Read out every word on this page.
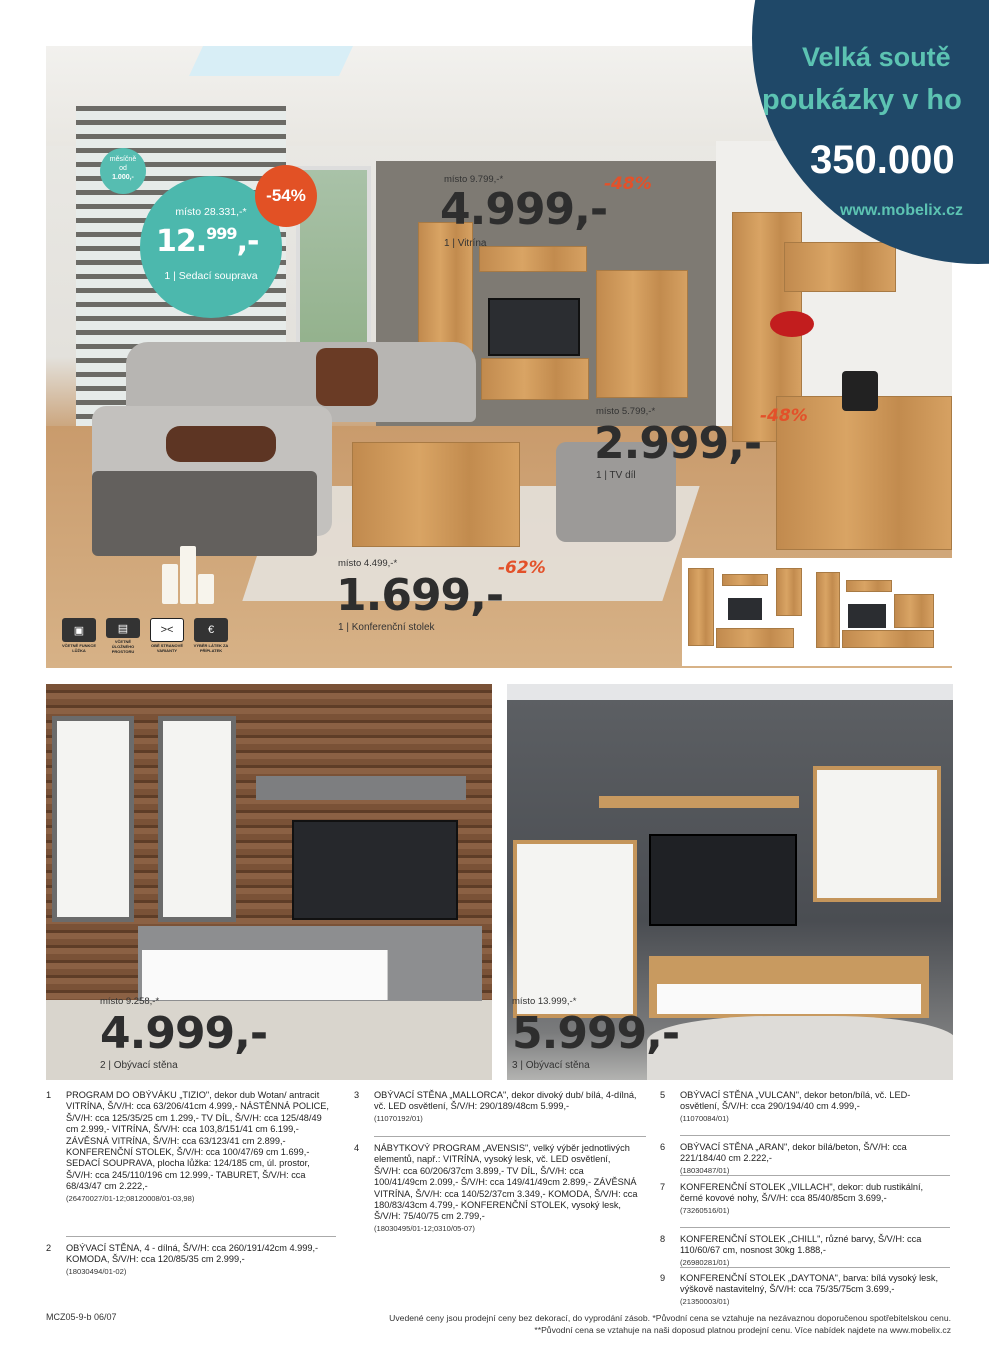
▣
VČETNĚ FUNKCE LŮŽKA
▤
VČETNĚ ÚLOŽNÉHO PROSTORU
><
OBĚ STRANOVÉ VARIANTY
€
VÝBĚR LÁTEK ZA PŘÍPLATEK
měsíčně
od
1.000,-
místo 28.331,-*
12.$^{999}$,-
1 | Sedací souprava
-54%
místo 9.799,-*
4.999,-
1 | Vitrína
-48%
místo 5.799,-*
2.999,-
1 | TV díl
-48%
místo 4.499,-*
1.699,-
1 | Konferenční stolek
-62%
Velká soutě
poukázky v ho
350.000
www.mobelix.cz
místo 9.258,-*
4.999,-
2 | Obývací stěna
místo 13.999,-*
5.999,-
3 | Obývací stěna
1	PROGRAM DO OBÝVÁKU „TIZIO", dekor dub Wotan/ antracit VITRÍNA, Š/V/H: cca 63/206/41cm 4.999,- NÁSTĚNNÁ POLICE, Š/V/H: cca 125/35/25 cm 1.299,- TV DÍL, Š/V/H: cca 125/48/49 cm 2.999,- VITRÍNA, Š/V/H: cca 103,8/151/41 cm 6.199,- ZÁVĚSNÁ VITRÍNA, Š/V/H: cca 63/123/41 cm 2.899,- KONFERENČNÍ STOLEK, Š/V/H: cca 100/47/69 cm 1.699,- SEDACÍ SOUPRAVA, plocha lůžka: 124/185 cm, úl. prostor, Š/V/H: cca 245/110/196 cm 12.999,- TABURET, Š/V/H: cca 68/43/47 cm 2.222,-
(26470027/01-12;08120008/01-03,98)
2	OBÝVACÍ STĚNA, 4 - dílná, Š/V/H: cca 260/191/42cm 4.999,- KOMODA, Š/V/H: cca 120/85/35 cm 2.999,-
(18030494/01-02)
3	OBÝVACÍ STĚNA „MALLORCA", dekor divoký dub/ bílá, 4-dílná, vč. LED osvětlení, Š/V/H: 290/189/48cm 5.999,-
(11070192/01)
4	NÁBYTKOVÝ PROGRAM „AVENSIS", velký výběr jednotlivých elementů, např.: VITRÍNA, vysoký lesk, vč. LED osvětlení, Š/V/H: cca 60/206/37cm 3.899,- TV DÍL, Š/V/H: cca 100/41/49cm 2.099,- Š/V/H: cca 149/41/49cm 2.899,- ZÁVĚSNÁ VITRÍNA, Š/V/H: cca 140/52/37cm 3.349,- KOMODA, Š/V/H: cca 180/83/43cm 4.799,- KONFERENČNÍ STOLEK, vysoký lesk, Š/V/H: 75/40/75 cm 2.799,-
(18030495/01-12;0310/05-07)
5	OBÝVACÍ STĚNA „VULCAN", dekor beton/bílá, vč. LED-osvětlení, Š/V/H: cca 290/194/40 cm 4.999,-
(11070084/01)
6	OBÝVACÍ STĚNA „ARAN", dekor bílá/beton, Š/V/H: cca 221/184/40 cm 2.222,-
(18030487/01)
7	KONFERENČNÍ STOLEK „VILLACH", dekor: dub rustikální, černé kovové nohy, Š/V/H: cca 85/40/85cm 3.699,-
(73260516/01)
8	KONFERENČNÍ STOLEK „CHILL", různé barvy, Š/V/H: cca 110/60/67 cm, nosnost 30kg 1.888,-
(26980281/01)
9	KONFERENČNÍ STOLEK „DAYTONA", barva: bílá vysoký lesk, výškově nastavitelný, Š/V/H: cca 75/35/75cm 3.699,-
(21350003/01)
MCZ05-9-b 06/07	Uvedené ceny jsou prodejní ceny bez dekorací, do vyprodání zásob. *Původní cena se vztahuje na nezávaznou doporučenou spotřebitelskou cenu.
**Původní cena se vztahuje na naši doposud platnou prodejní cenu. Více nabídek najdete na www.mobelix.cz
